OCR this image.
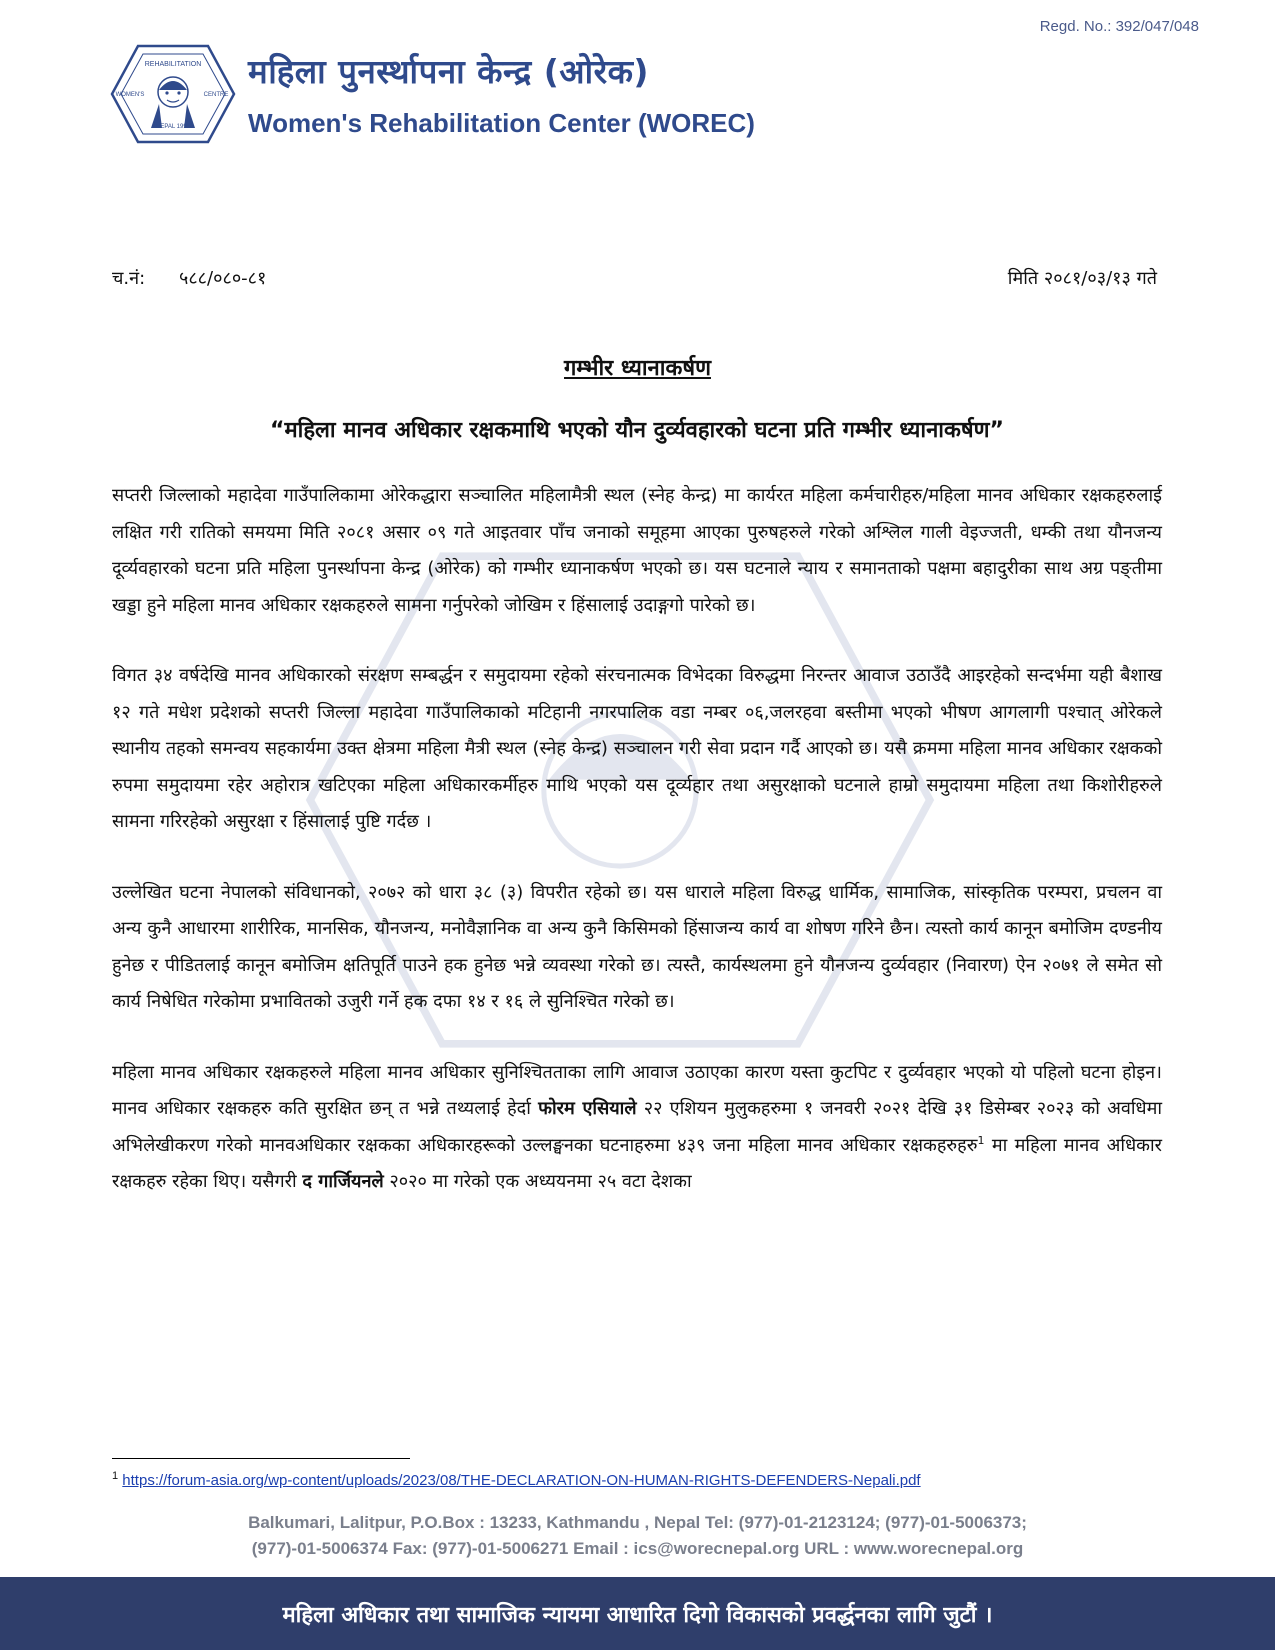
Regd. No.: 392/047/048
REHABILITATION
WOMEN'S	CENTRE
NEPAL 1991
महिला पुनर्स्थापना केन्द्र (ओरेक)
Women's Rehabilitation Center (WOREC)
च.नं: ५८८/०८०-८१	मिति २०८१/०३/१३ गते
गम्भीर ध्यानाकर्षण
“महिला मानव अधिकार रक्षकमाथि भएको यौन दुर्व्यवहारको घटना प्रति गम्भीर ध्यानाकर्षण”

सप्तरी जिल्लाको महादेवा गाउँपालिकामा ओरेकद्धारा सञ्चालित महिलामैत्री स्थल (स्नेह केन्द्र) मा कार्यरत महिला कर्मचारीहरु/महिला मानव अधिकार रक्षकहरुलाई लक्षित गरी रातिको समयमा मिति २०८१ असार ०९ गते आइतवार पाँच जनाको समूहमा आएका पुरुषहरुले गरेको अश्लिल गाली वेइज्जती, धम्की तथा यौनजन्य दूर्व्यवहारको घटना प्रति महिला पुनर्स्थापना केन्द्र (ओरेक) को गम्भीर ध्यानाकर्षण भएको छ। यस घटनाले न्याय र समानताको पक्षमा बहादुरीका साथ अग्र पङ्तीमा खड्डा हुने महिला मानव अधिकार रक्षकहरुले सामना गर्नुपरेको जोखिम र हिंसालाई उदाङ्गगो पारेको छ।

विगत ३४ वर्षदेखि मानव अधिकारको संरक्षण सम्बर्द्धन र समुदायमा रहेको संरचनात्मक विभेदका विरुद्धमा निरन्तर आवाज उठाउँदै आइरहेको सन्दर्भमा यही बैशाख १२ गते मधेश प्रदेशको सप्तरी जिल्ला महादेवा गाउँपालिकाको मटिहानी नगरपालिक वडा नम्बर ०६,जलरहवा बस्तीमा भएको भीषण आगलागी पश्चात् ओरेकले स्थानीय तहको समन्वय सहकार्यमा उक्त क्षेत्रमा महिला मैत्री स्थल (स्नेह केन्द्र) सञ्चालन गरी सेवा प्रदान गर्दै आएको छ। यसै क्रममा महिला मानव अधिकार रक्षकको रुपमा समुदायमा रहेर अहोरात्र खटिएका महिला अधिकारकर्मीहरु माथि भएको यस दूर्व्यहार तथा असुरक्षाको घटनाले हाम्रो समुदायमा महिला तथा किशोरीहरुले सामना गरिरहेको असुरक्षा र हिंसालाई पुष्टि गर्दछ ।

उल्लेखित घटना नेपालको संविधानको, २०७२ को धारा ३८ (३) विपरीत रहेको छ। यस धाराले महिला विरुद्ध धार्मिक, सामाजिक, सांस्कृतिक परम्परा, प्रचलन वा अन्य कुनै आधारमा शारीरिक, मानसिक, यौनजन्य, मनोवैज्ञानिक वा अन्य कुनै किसिमको हिंसाजन्य कार्य वा शोषण गरिने छैन। त्यस्तो कार्य कानून बमोजिम दण्डनीय हुनेछ र पीडितलाई कानून बमोजिम क्षतिपूर्ति पाउने हक हुनेछ भन्ने व्यवस्था गरेको छ। त्यस्तै, कार्यस्थलमा हुने यौनजन्य दुर्व्यवहार (निवारण) ऐन २०७१ ले समेत सो कार्य निषेधित गरेकोमा प्रभावितको उजुरी गर्ने हक दफा १४ र १६ ले सुनिश्चित गरेको छ।

महिला मानव अधिकार रक्षकहरुले महिला मानव अधिकार सुनिश्चितताका लागि आवाज उठाएका कारण यस्ता कुटपिट र दुर्व्यवहार भएको यो पहिलो घटना होइन। मानव अधिकार रक्षकहरु कति सुरक्षित छन् त भन्ने तथ्यलाई हेर्दा फोरम एसियाले २२ एशियन मुलुकहरुमा १ जनवरी २०२१ देखि ३१ डिसेम्बर २०२३ को अवधिमा अभिलेखीकरण गरेको मानवअधिकार रक्षकका अधिकारहरूको उल्लङ्घनका घटनाहरुमा ४३९ जना महिला मानव अधिकार रक्षकहरुहरु$^1$ मा महिला मानव अधिकार रक्षकहरु रहेका थिए। यसैगरी द गार्जियनले २०२० मा गरेको एक अध्ययनमा २५ वटा देशका

$^1$ https://forum-asia.org/wp-content/uploads/2023/08/THE-DECLARATION-ON-HUMAN-RIGHTS-DEFENDERS-Nepali.pdf
Balkumari, Lalitpur, P.O.Box : 13233, Kathmandu , Nepal Tel: (977)-01-2123124; (977)-01-5006373;
(977)-01-5006374 Fax: (977)-01-5006271 Email : ics@worecnepal.org URL : www.worecnepal.org
महिला अधिकार तथा सामाजिक न्यायमा आधारित दिगो विकासको प्रवर्द्धनका लागि जुटौं ।
